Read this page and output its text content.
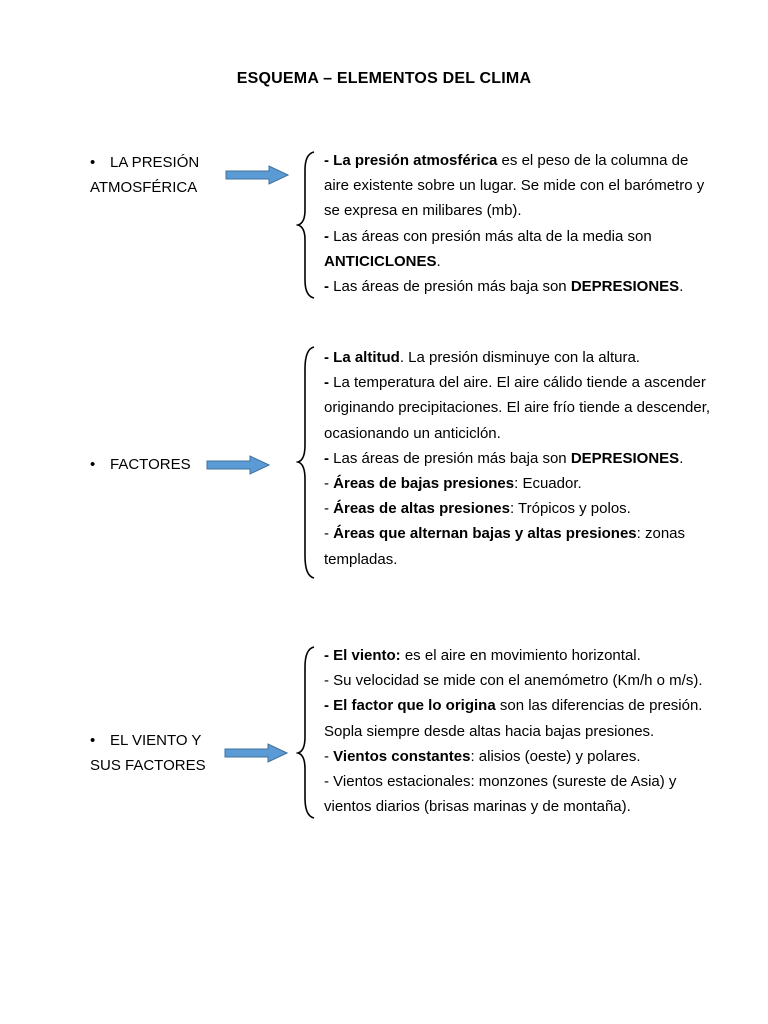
ESQUEMA – ELEMENTOS DEL CLIMA
• LA PRESIÓN
ATMOSFÉRICA
- La presión atmosférica es el peso de la columna de
aire existente sobre un lugar. Se mide con el barómetro y
se expresa en milibares (mb).
- Las áreas con presión más alta de la media son
ANTICICLONES.
- Las áreas de presión más baja son DEPRESIONES.
• FACTORES
- La altitud. La presión disminuye con la altura.
- La temperatura del aire. El aire cálido tiende a ascender
originando precipitaciones. El aire frío tiende a descender,
ocasionando un anticiclón.
- Las áreas de presión más baja son DEPRESIONES.
- Áreas de bajas presiones: Ecuador.
- Áreas de altas presiones: Trópicos y polos.
- Áreas que alternan bajas y altas presiones: zonas
templadas.
• EL VIENTO Y
SUS FACTORES
- El viento: es el aire en movimiento horizontal.
- Su velocidad se mide con el anemómetro (Km/h o m/s).
- El factor que lo origina son las diferencias de presión.
Sopla siempre desde altas hacia bajas presiones.
- Vientos constantes: alisios (oeste) y polares.
- Vientos estacionales: monzones (sureste de Asia) y
vientos diarios (brisas marinas y de montaña).
